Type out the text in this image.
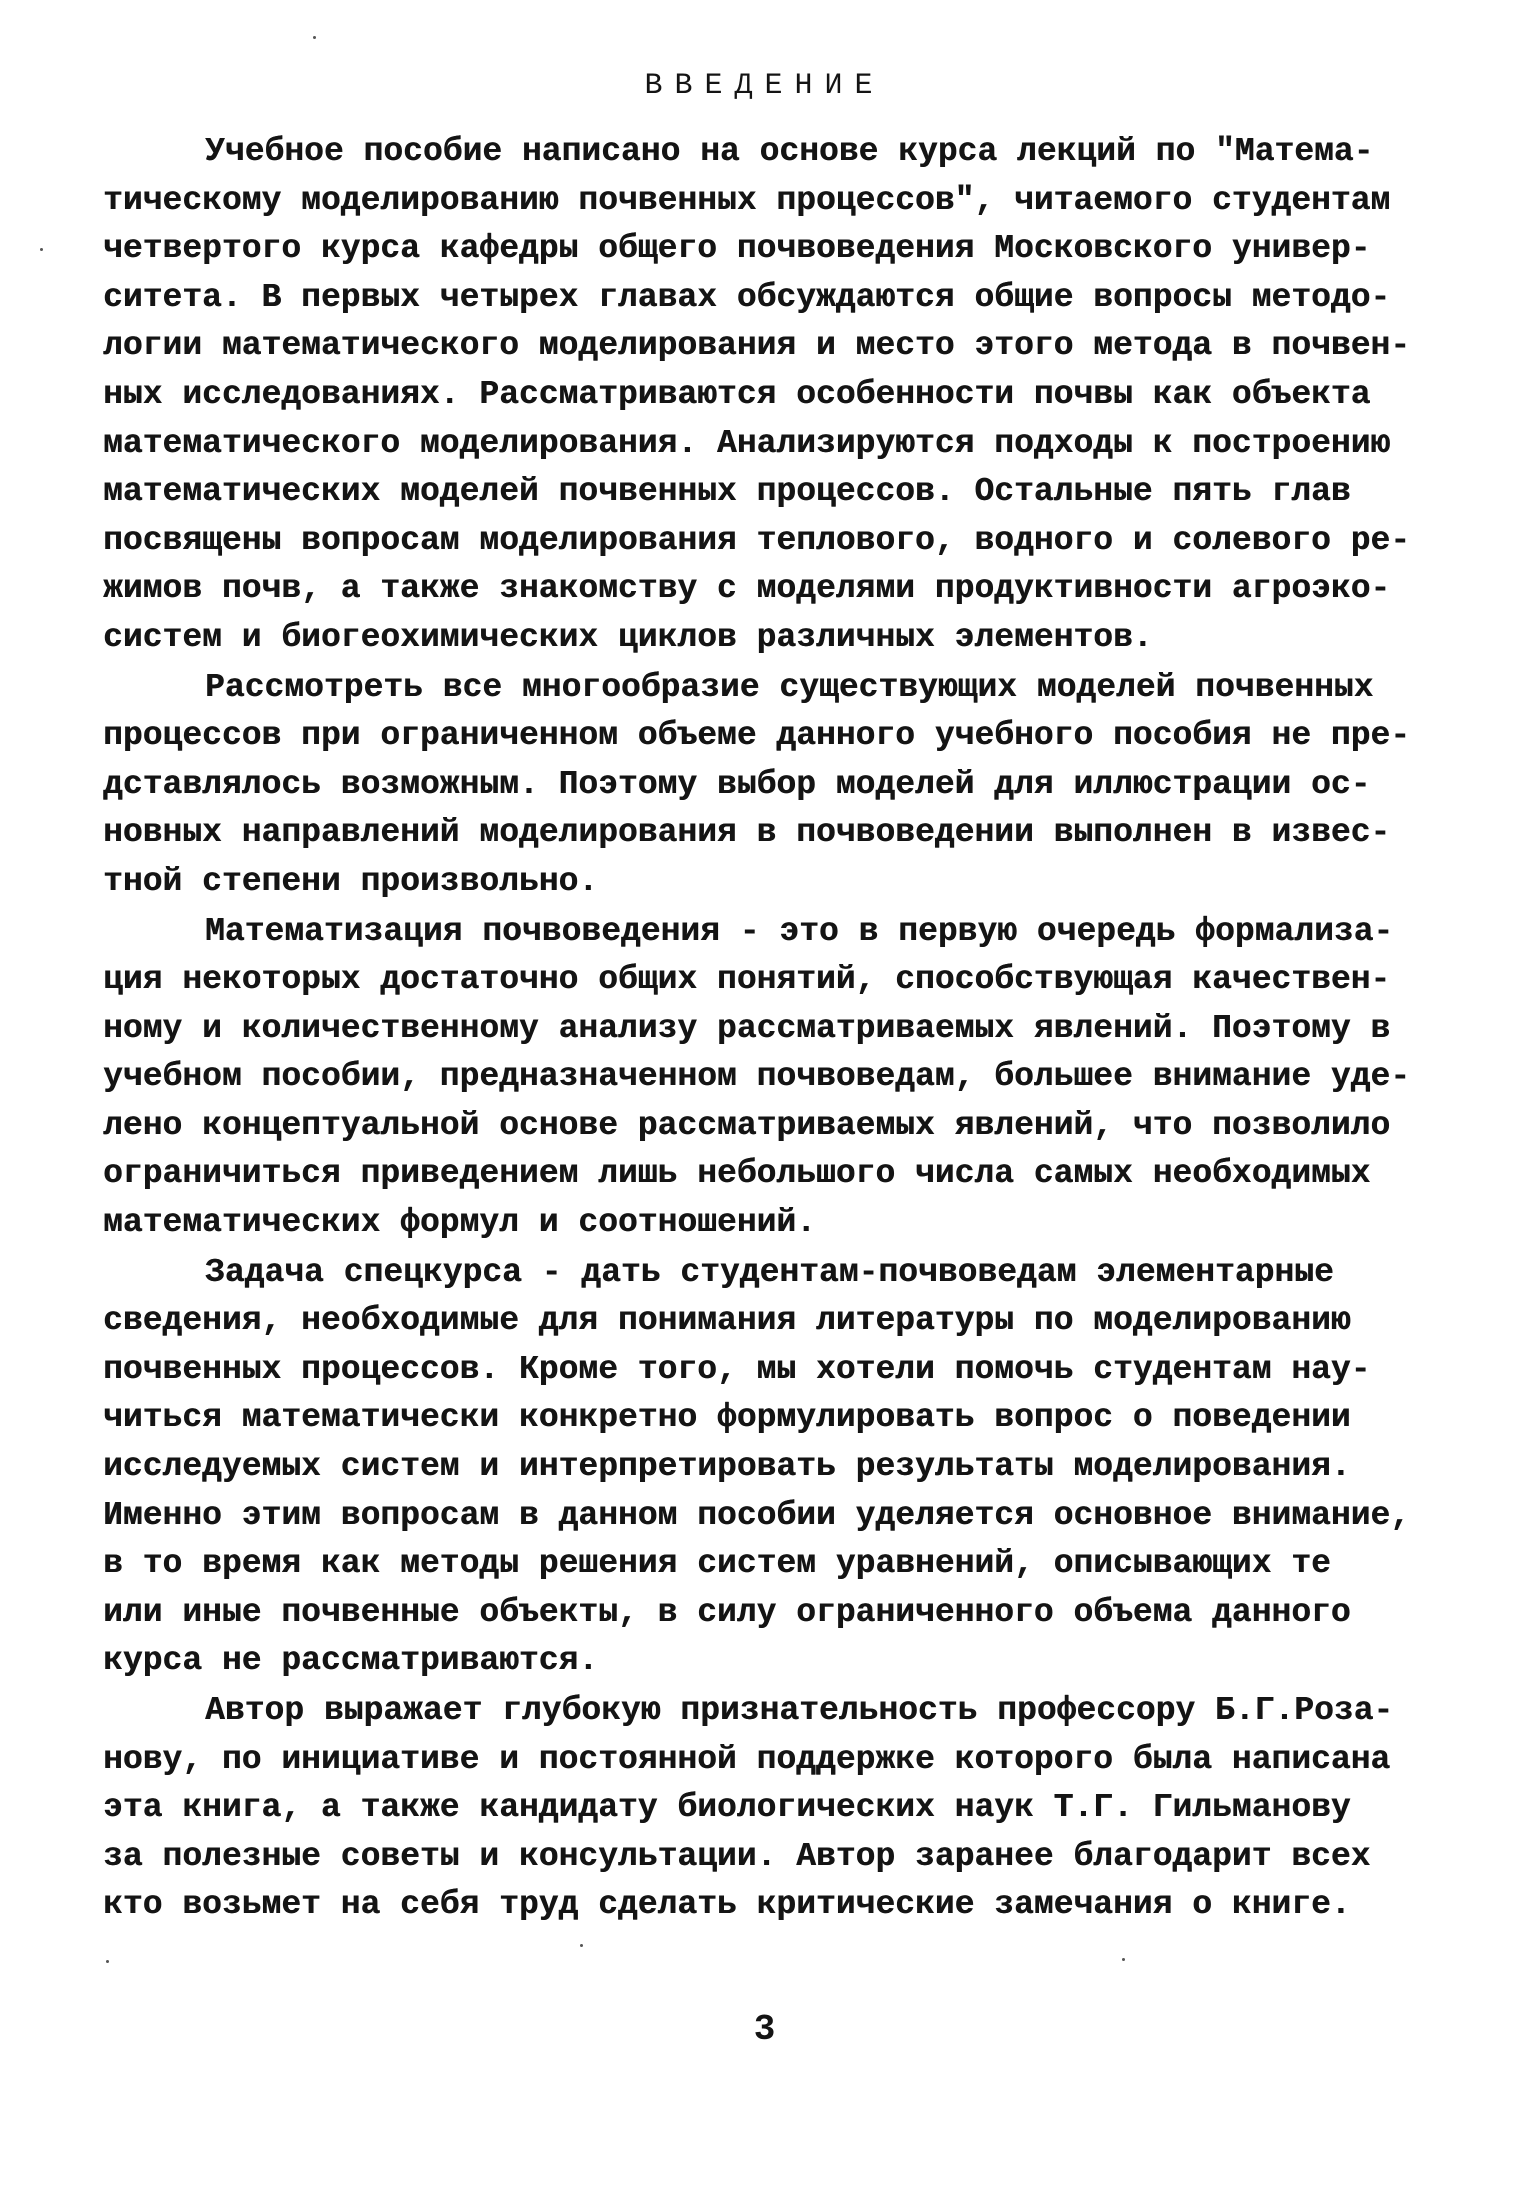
ВВЕДЕНИЕ
Учебное пособие написано на основе курса лекций по "Матема-
тическому моделированию почвенных процессов", читаемого студентам
четвертого курса кафедры общего почвоведения Московского универ-
ситета. В первых четырех главах обсуждаются общие вопросы методо-
логии математического моделирования и место этого метода в почвен-
ных исследованиях. Рассматриваются особенности почвы как объекта
математического моделирования. Анализируются подходы к построению
математических моделей почвенных процессов. Остальные пять глав
посвящены вопросам моделирования теплового, водного и солевого ре-
жимов почв, а также знакомству с моделями продуктивности агроэко-
систем и биогеохимических циклов различных элементов.
Рассмотреть все многообразие существующих моделей почвенных
процессов при ограниченном объеме данного учебного пособия не пре-
дставлялось возможным. Поэтому выбор моделей для иллюстрации ос-
новных направлений моделирования в почвоведении выполнен в извес-
тной степени произвольно.
Математизация почвоведения - это в первую очередь формализа-
ция некоторых достаточно общих понятий, способствующая качествен-
ному и количественному анализу рассматриваемых явлений. Поэтому в
учебном пособии, предназначенном почвоведам, большее внимание уде-
лено концептуальной основе рассматриваемых явлений, что позволило
ограничиться приведением лишь небольшого числа самых необходимых
математических формул и соотношений.
Задача спецкурса - дать студентам-почвоведам элементарные
сведения, необходимые для понимания литературы по моделированию
почвенных процессов. Кроме того, мы хотели помочь студентам нау-
читься математически конкретно формулировать вопрос о поведении
исследуемых систем и интерпретировать результаты моделирования.
Именно этим вопросам в данном пособии уделяется основное внимание,
в то время как методы решения систем уравнений, описывающих те
или иные почвенные объекты, в силу ограниченного объема данного
курса не рассматриваются.
Автор выражает глубокую признательность профессору Б.Г.Розa-
нову, по инициативе и постоянной поддержке которого была написана
эта книга, а также кандидату биологических наук Т.Г. Гильманову
за полезные советы и консультации. Автор заранее благодарит всех
кто возьмет на себя труд сделать критические замечания о книге.
3
